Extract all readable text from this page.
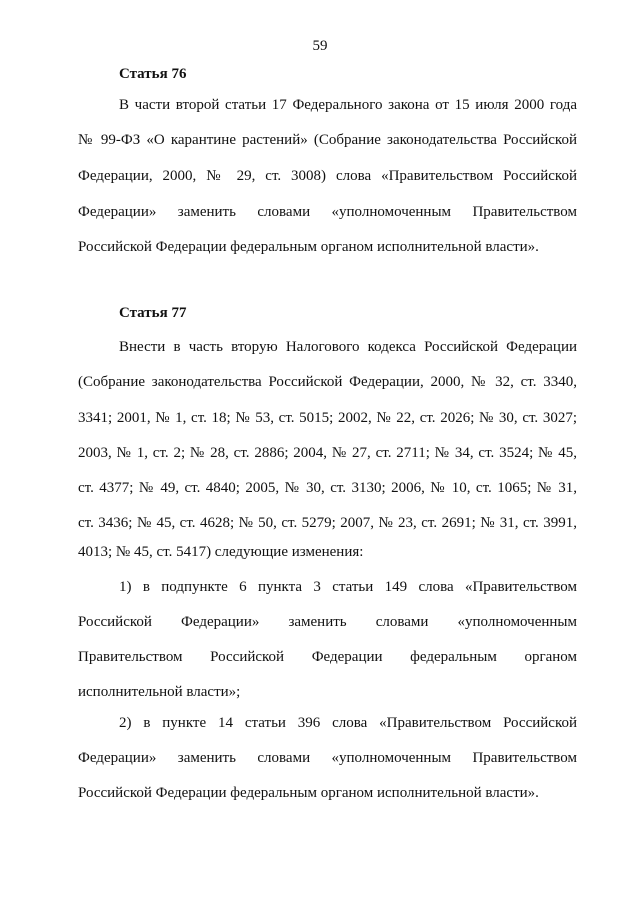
59
Статья 76
В части второй статьи 17 Федерального закона от 15 июля 2000 года
№ 99-ФЗ «О карантине растений» (Собрание законодательства Российской
Федерации, 2000, № 29, ст. 3008) слова «Правительством Российской
Федерации» заменить словами «уполномоченным Правительством
Российской Федерации федеральным органом исполнительной власти».
Статья 77
Внести в часть вторую Налогового кодекса Российской Федерации
(Собрание законодательства Российской Федерации, 2000, № 32, ст. 3340,
3341; 2001, № 1, ст. 18; № 53, ст. 5015; 2002, № 22, ст. 2026; № 30, ст. 3027;
2003, № 1, ст. 2; № 28, ст. 2886; 2004, № 27, ст. 2711; № 34, ст. 3524; № 45,
ст. 4377; № 49, ст. 4840; 2005, № 30, ст. 3130; 2006, № 10, ст. 1065; № 31,
ст. 3436; № 45, ст. 4628; № 50, ст. 5279; 2007, № 23, ст. 2691; № 31, ст. 3991,
4013; № 45, ст. 5417) следующие изменения:
1) в подпункте 6 пункта 3 статьи 149 слова «Правительством
Российской Федерации» заменить словами «уполномоченным
Правительством Российской Федерации федеральным органом
исполнительной власти»;
2) в пункте 14 статьи 396 слова «Правительством Российской
Федерации» заменить словами «уполномоченным Правительством
Российской Федерации федеральным органом исполнительной власти».
